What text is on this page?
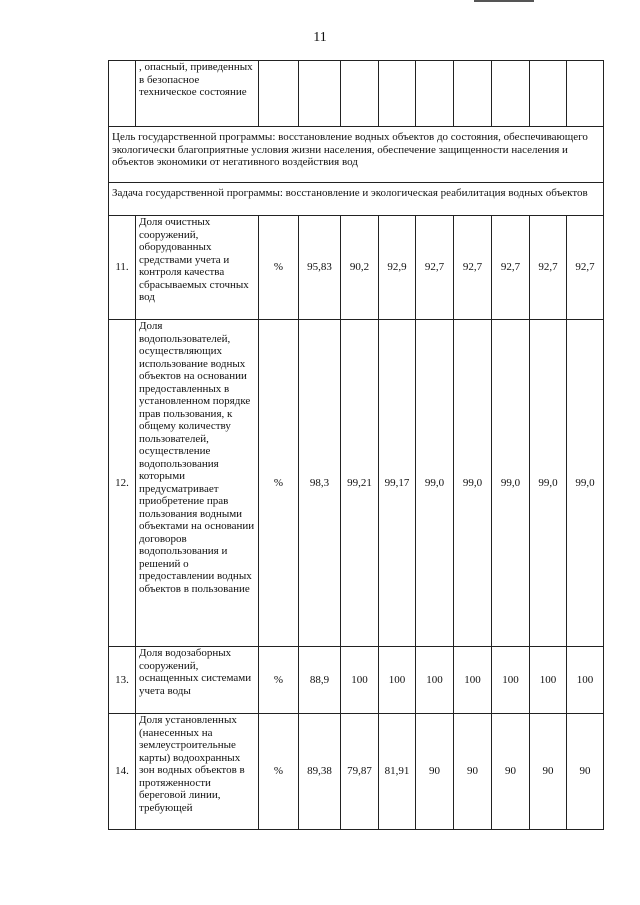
11
	, опасный, приведенных в безопасное техническое состояние									
Цель государственной программы: восстановление водных объектов до состояния, обеспечивающего экологически благоприятные условия жизни населения, обеспечение защищенности населения и объектов экономики от негативного воздействия вод										
Задача государственной программы: восстановление и экологическая реабилитация водных объектов										
11.	Доля очистных сооружений, оборудованных средствами учета и контроля качества сбрасываемых сточных вод	%	95,83	90,2	92,9	92,7	92,7	92,7	92,7	92,7
12.	Доля водопользователей, осуществляющих использование водных объектов на основании предоставленных в установленном порядке прав пользования, к общему количеству пользователей, осуществление водопользования которыми предусматривает приобретение прав пользования водными объектами на основании договоров водопользования и решений о предоставлении водных объектов в пользование	%	98,3	99,21	99,17	99,0	99,0	99,0	99,0	99,0
13.	Доля водозаборных сооружений, оснащенных системами учета воды	%	88,9	100	100	100	100	100	100	100
14.	Доля установленных (нанесенных на землеустроительные карты) водоохранных зон водных объектов в протяженности береговой линии, требующей	%	89,38	79,87	81,91	90	90	90	90	90
